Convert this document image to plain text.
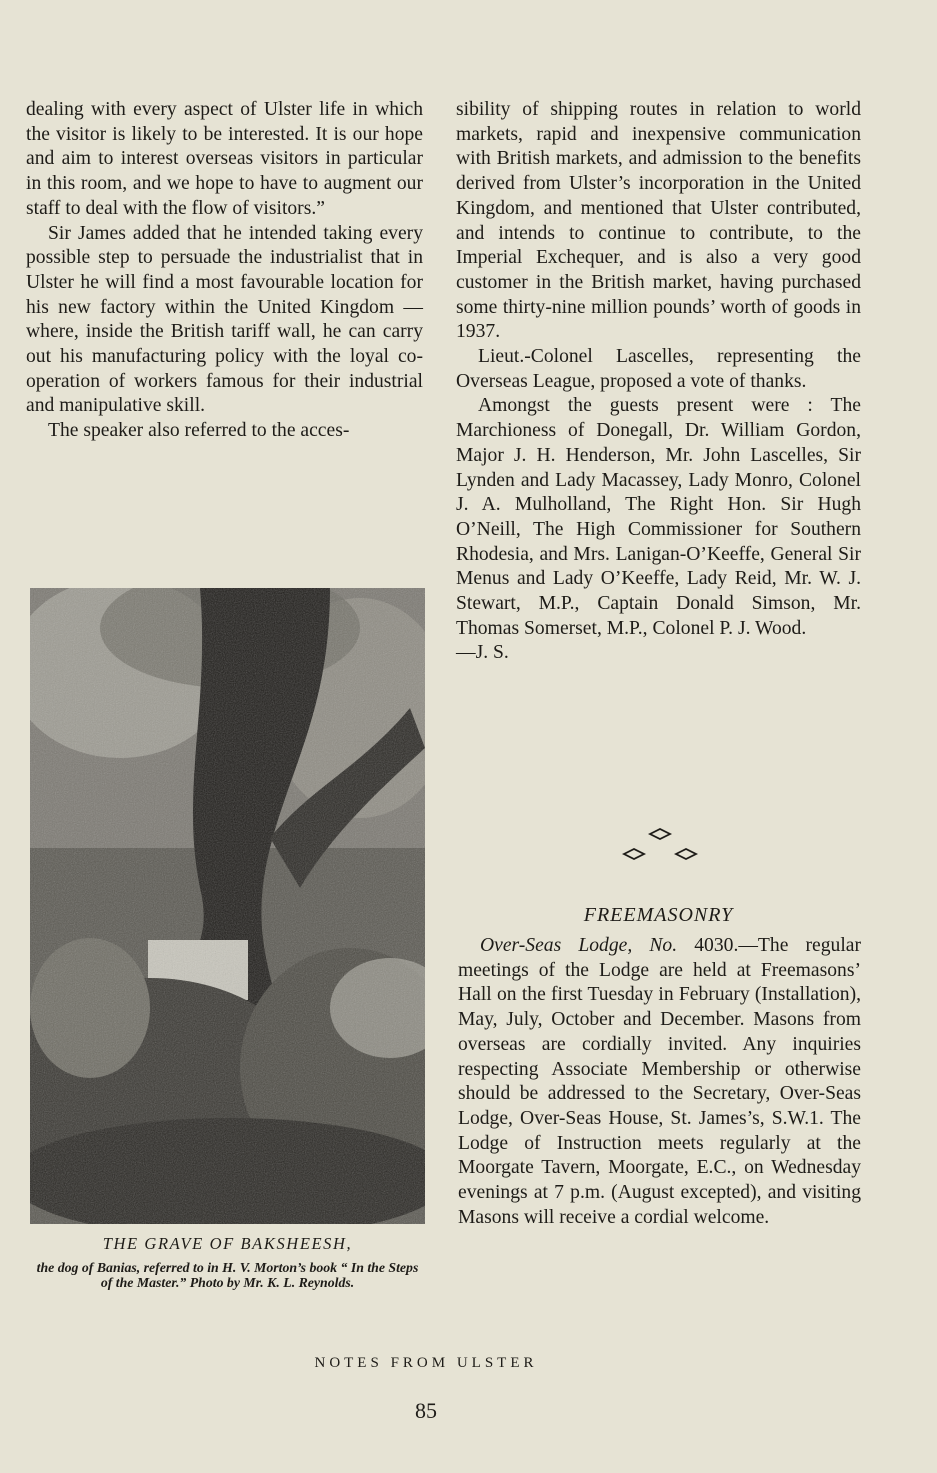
dealing with every aspect of Ulster life in which the visitor is likely to be interested. It is our hope and aim to interest overseas visitors in particular in this room, and we hope to have to augment our staff to deal with the flow of visitors.”

Sir James added that he intended taking every possible step to persuade the industrialist that in Ulster he will find a most favourable location for his new factory within the United Kingdom —where, inside the British tariff wall, he can carry out his manufacturing policy with the loyal co-operation of workers famous for their industrial and manipulative skill.

The speaker also referred to the acces-

THE GRAVE OF BAKSHEESH,
the dog of Banias, referred to in H. V. Morton’s book “ In the Steps of the Master.” Photo by Mr. K. L. Reynolds.

sibility of shipping routes in relation to world markets, rapid and inexpensive communication with British markets, and admission to the benefits derived from Ulster’s incorporation in the United Kingdom, and mentioned that Ulster contributed, and intends to continue to contribute, to the Imperial Exchequer, and is also a very good customer in the British market, having purchased some thirty-nine million pounds’ worth of goods in 1937.

Lieut.-Colonel Lascelles, representing the Overseas League, proposed a vote of thanks.

Amongst the guests present were : The Marchioness of Donegall, Dr. William Gordon, Major J. H. Henderson, Mr. John Lascelles, Sir Lynden and Lady Macassey, Lady Monro, Colonel J. A. Mulholland, The Right Hon. Sir Hugh O’Neill, The High Commissioner for Southern Rhodesia, and Mrs. Lanigan-O’Keeffe, General Sir Menus and Lady O’Keeffe, Lady Reid, Mr. W. J. Stewart, M.P., Captain Donald Simson, Mr. Thomas Somerset, M.P., Colonel P. J. Wood.

—J. S.

FREEMASONRY

Over-Seas Lodge, No. 4030.—The regular meetings of the Lodge are held at Freemasons’ Hall on the first Tuesday in February (Installation), May, July, October and December. Masons from overseas are cordially invited. Any inquiries respecting Associate Membership or otherwise should be addressed to the Secretary, Over-Seas Lodge, Over-Seas House, St. James’s, S.W.1. The Lodge of Instruction meets regularly at the Moorgate Tavern, Moorgate, E.C., on Wednesday evenings at 7 p.m. (August excepted), and visiting Masons will receive a cordial welcome.

NOTES FROM ULSTER
85
